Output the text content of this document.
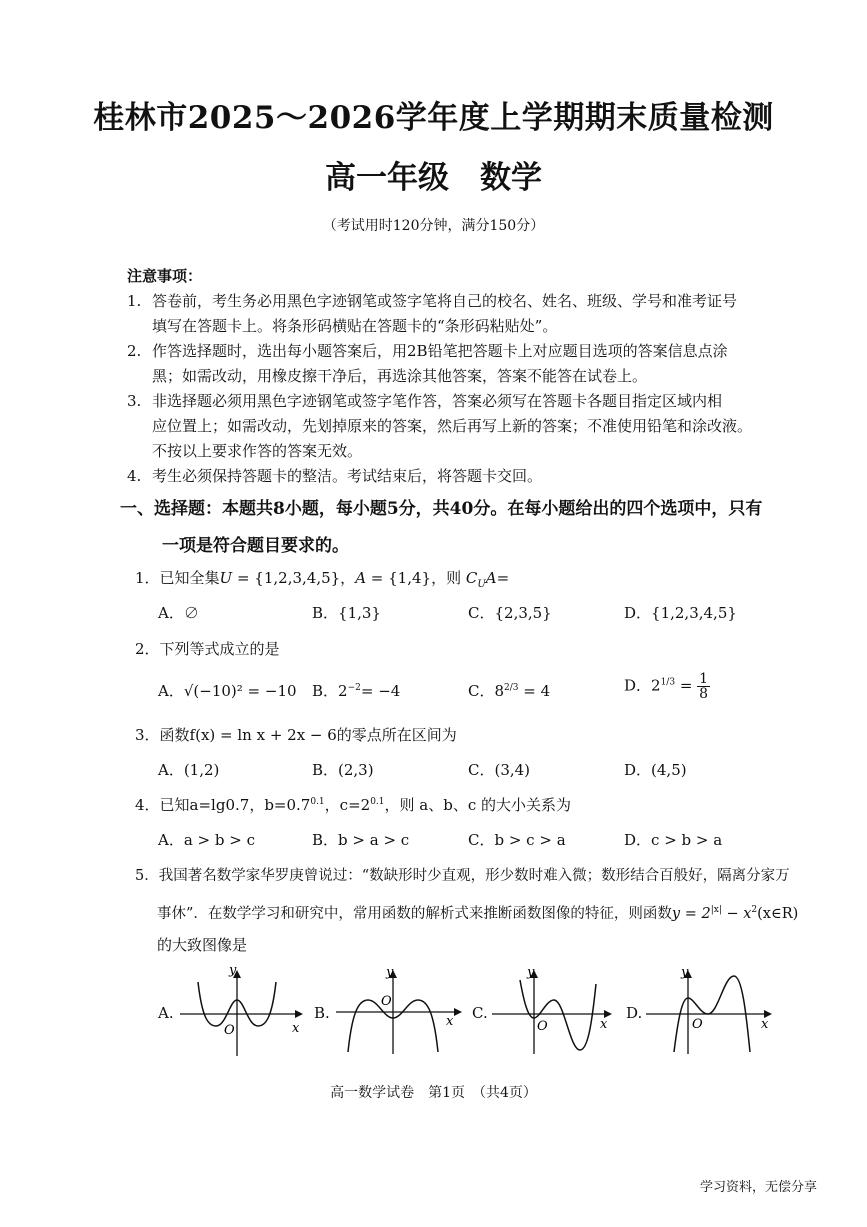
桂林市2025～2026学年度上学期期末质量检测
高一年级　数学
（考试用时120分钟，满分150分）
注意事项：
1. 答卷前，考生务必用黑色字迹钢笔或签字笔将自己的校名、姓名、班级、学号和准考证号
填写在答题卡上。将条形码横贴在答题卡的“条形码粘贴处”。
2. 作答选择题时，选出每小题答案后，用2B铅笔把答题卡上对应题目选项的答案信息点涂
黑；如需改动，用橡皮擦干净后，再选涂其他答案，答案不能答在试卷上。
3. 非选择题必须用黑色字迹钢笔或签字笔作答，答案必须写在答题卡各题目指定区域内相
应位置上；如需改动，先划掉原来的答案，然后再写上新的答案；不准使用铅笔和涂改液。
不按以上要求作答的答案无效。
4. 考生必须保持答题卡的整洁。考试结束后，将答题卡交回。
一、选择题：本题共8小题，每小题5分，共40分。在每小题给出的四个选项中，只有
一项是符合题目要求的。
1．已知全集U = {1,2,3,4,5}，A = {1,4}，则 $C_UA=$
A．∅	B．{1,3}	C．{2,3,5}	D．{1,2,3,4,5}
2．下列等式成立的是
A．√(−10)² = −10 B．$2^{-2}= -4$	C．$8^{2/3} = 4$	D．$2^{1/3} = \frac{1}{8}$
3．函数f(x) = ln x + 2x − 6的零点所在区间为
A．(1,2)	B．(2,3)	C．(3,4)	D．(4,5)
4．已知a=lg0.7，$b=0.7^{0.1}$，$c=2^{0.1}$，则 a、b、c 的大小关系为
A．a > b > c	B．b > a > c	C．b > c > a	D．c > b > a
5．我国著名数学家华罗庚曾说过：“数缺形时少直观，形少数时难入微；数形结合百般好，隔离分家万
事休”．在数学学习和研究中，常用函数的解析式来推断函数图像的特征，则函数$y = 2^{|x|}$ − $x^2(x\in R)$
的大致图像是
A.
y
x
O
B.
y
x
O
C.
y
x
O
D.
y
x
O
高一数学试卷　第1页　（共4页）
学习资料，无偿分享
